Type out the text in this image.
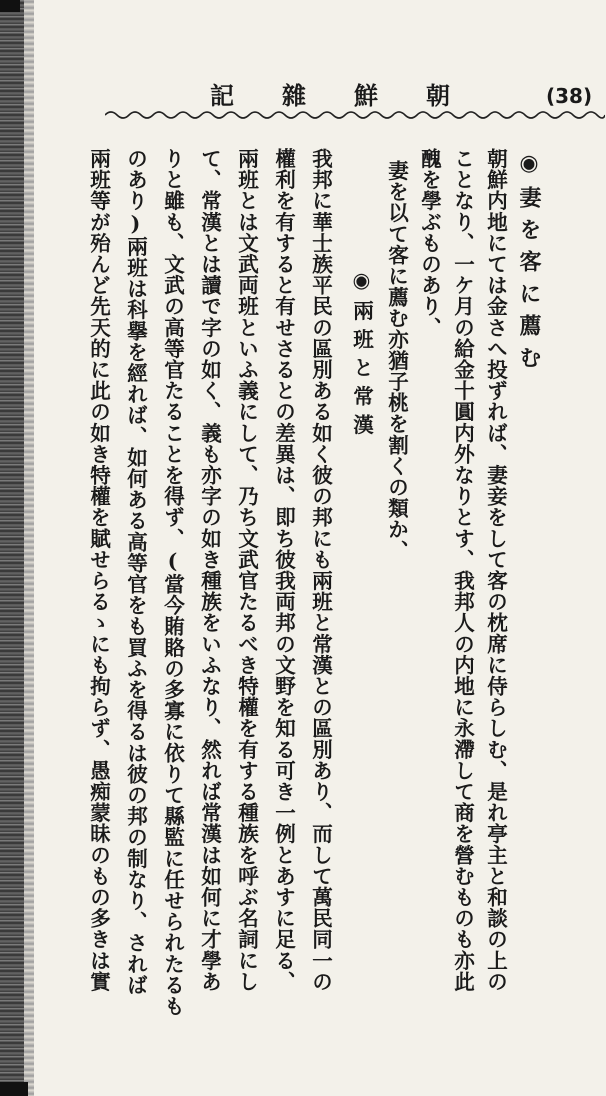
朝
鮮
雜
記	(38)
◉妻を客に薦む
朝鮮内地にては金さへ投ずれば、妻妾をして客の枕席に侍らしむ、是れ亭主と和談の上の
ことなり、一ケ月の給金十圓内外なりとす、我邦人の内地に永滯して商を營むものも亦此
醜を學ぶものあり、
妻を以て客に薦む亦猶子桃を割くの類か、
◉兩班と常漢
我邦に華士族平民の區別ある如く彼の邦にも兩班と常漢との區別あり、而して萬民同一の
權利を有すると有せさるとの差異は、即ち彼我両邦の文野を知る可き一例とあすに足る、
兩班とは文武両班といふ義にして、乃ち文武官たるべき特權を有する種族を呼ぶ名詞にし
て、常漢とは讀で字の如く、義も亦字の如き種族をいふなり、然れば常漢は如何に才學あ
りと雖も、文武の高等官たることを得ず、(當今賄賂の多寡に依りて縣監に任せられたるも
のあり)兩班は科擧を經れば、如何ある高等官をも買ふを得るは彼の邦の制なり、されば
兩班等が殆んど先天的に此の如き特權を賦せらるゝにも拘らず、愚痴蒙昧のもの多きは實
